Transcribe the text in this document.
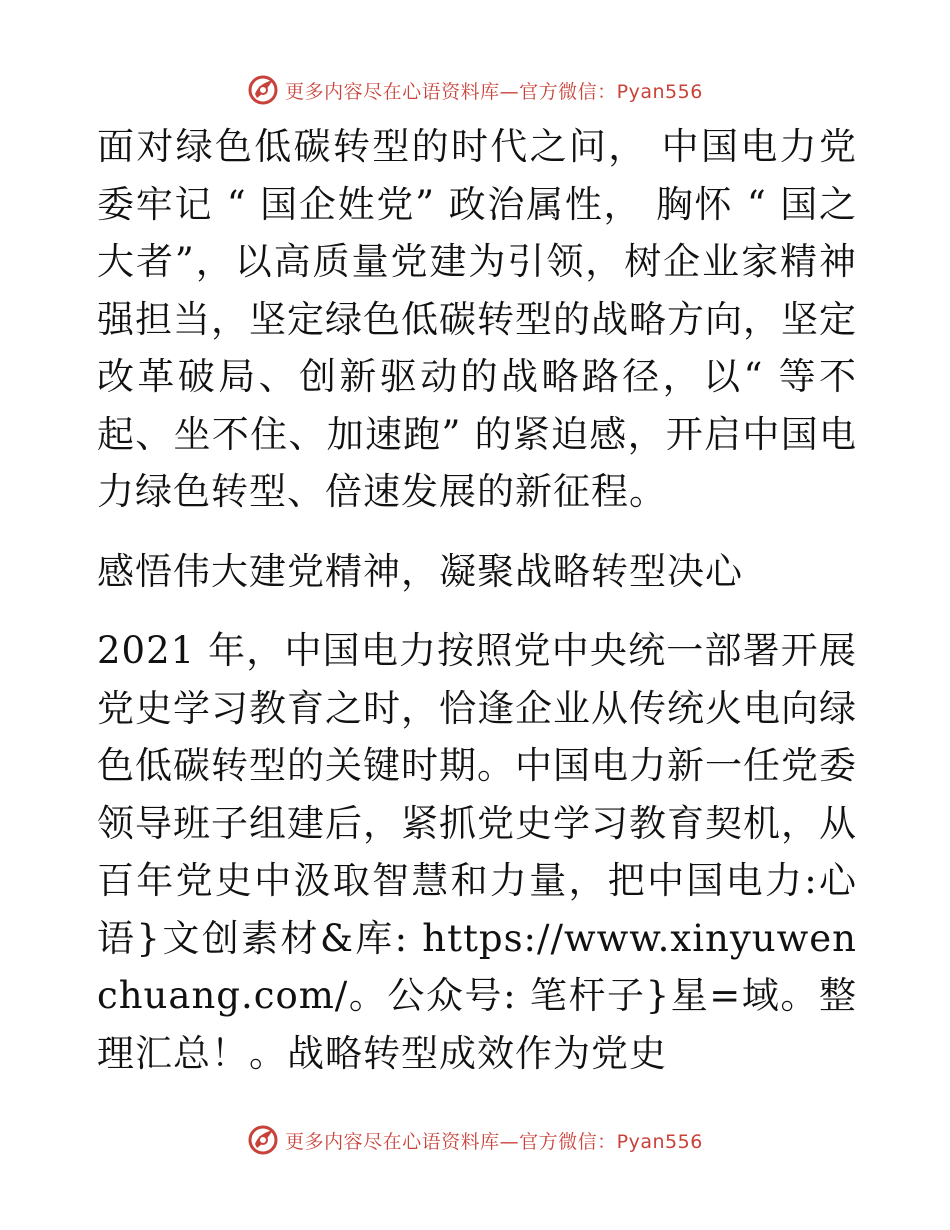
更多内容尽在心语资料库—官方微信：Pyan556

面对绿色低碳转型的时代之问， 中国电力党委牢记 “ 国企姓党” 政治属性， 胸怀 “ 国之大者”，以高质量党建为引领，树企业家精神强担当，坚定绿色低碳转型的战略方向，坚定改革破局、创新驱动的战略路径，以“ 等不起、坐不住、加速跑” 的紧迫感，开启中国电力绿色转型、倍速发展的新征程。

感悟伟大建党精神，凝聚战略转型决心

2021 年，中国电力按照党中央统一部署开展党史学习教育之时，恰逢企业从传统火电向绿色低碳转型的关键时期。中国电力新一任党委领导班子组建后，紧抓党史学习教育契机，从百年党史中汲取智慧和力量，把中国电力:心语}文创素材&库: https://www.xinyuwenchuang.com/。公众号: 笔杆子}星=域。整理汇总！。战略转型成效作为党史

更多内容尽在心语资料库—官方微信：Pyan556
